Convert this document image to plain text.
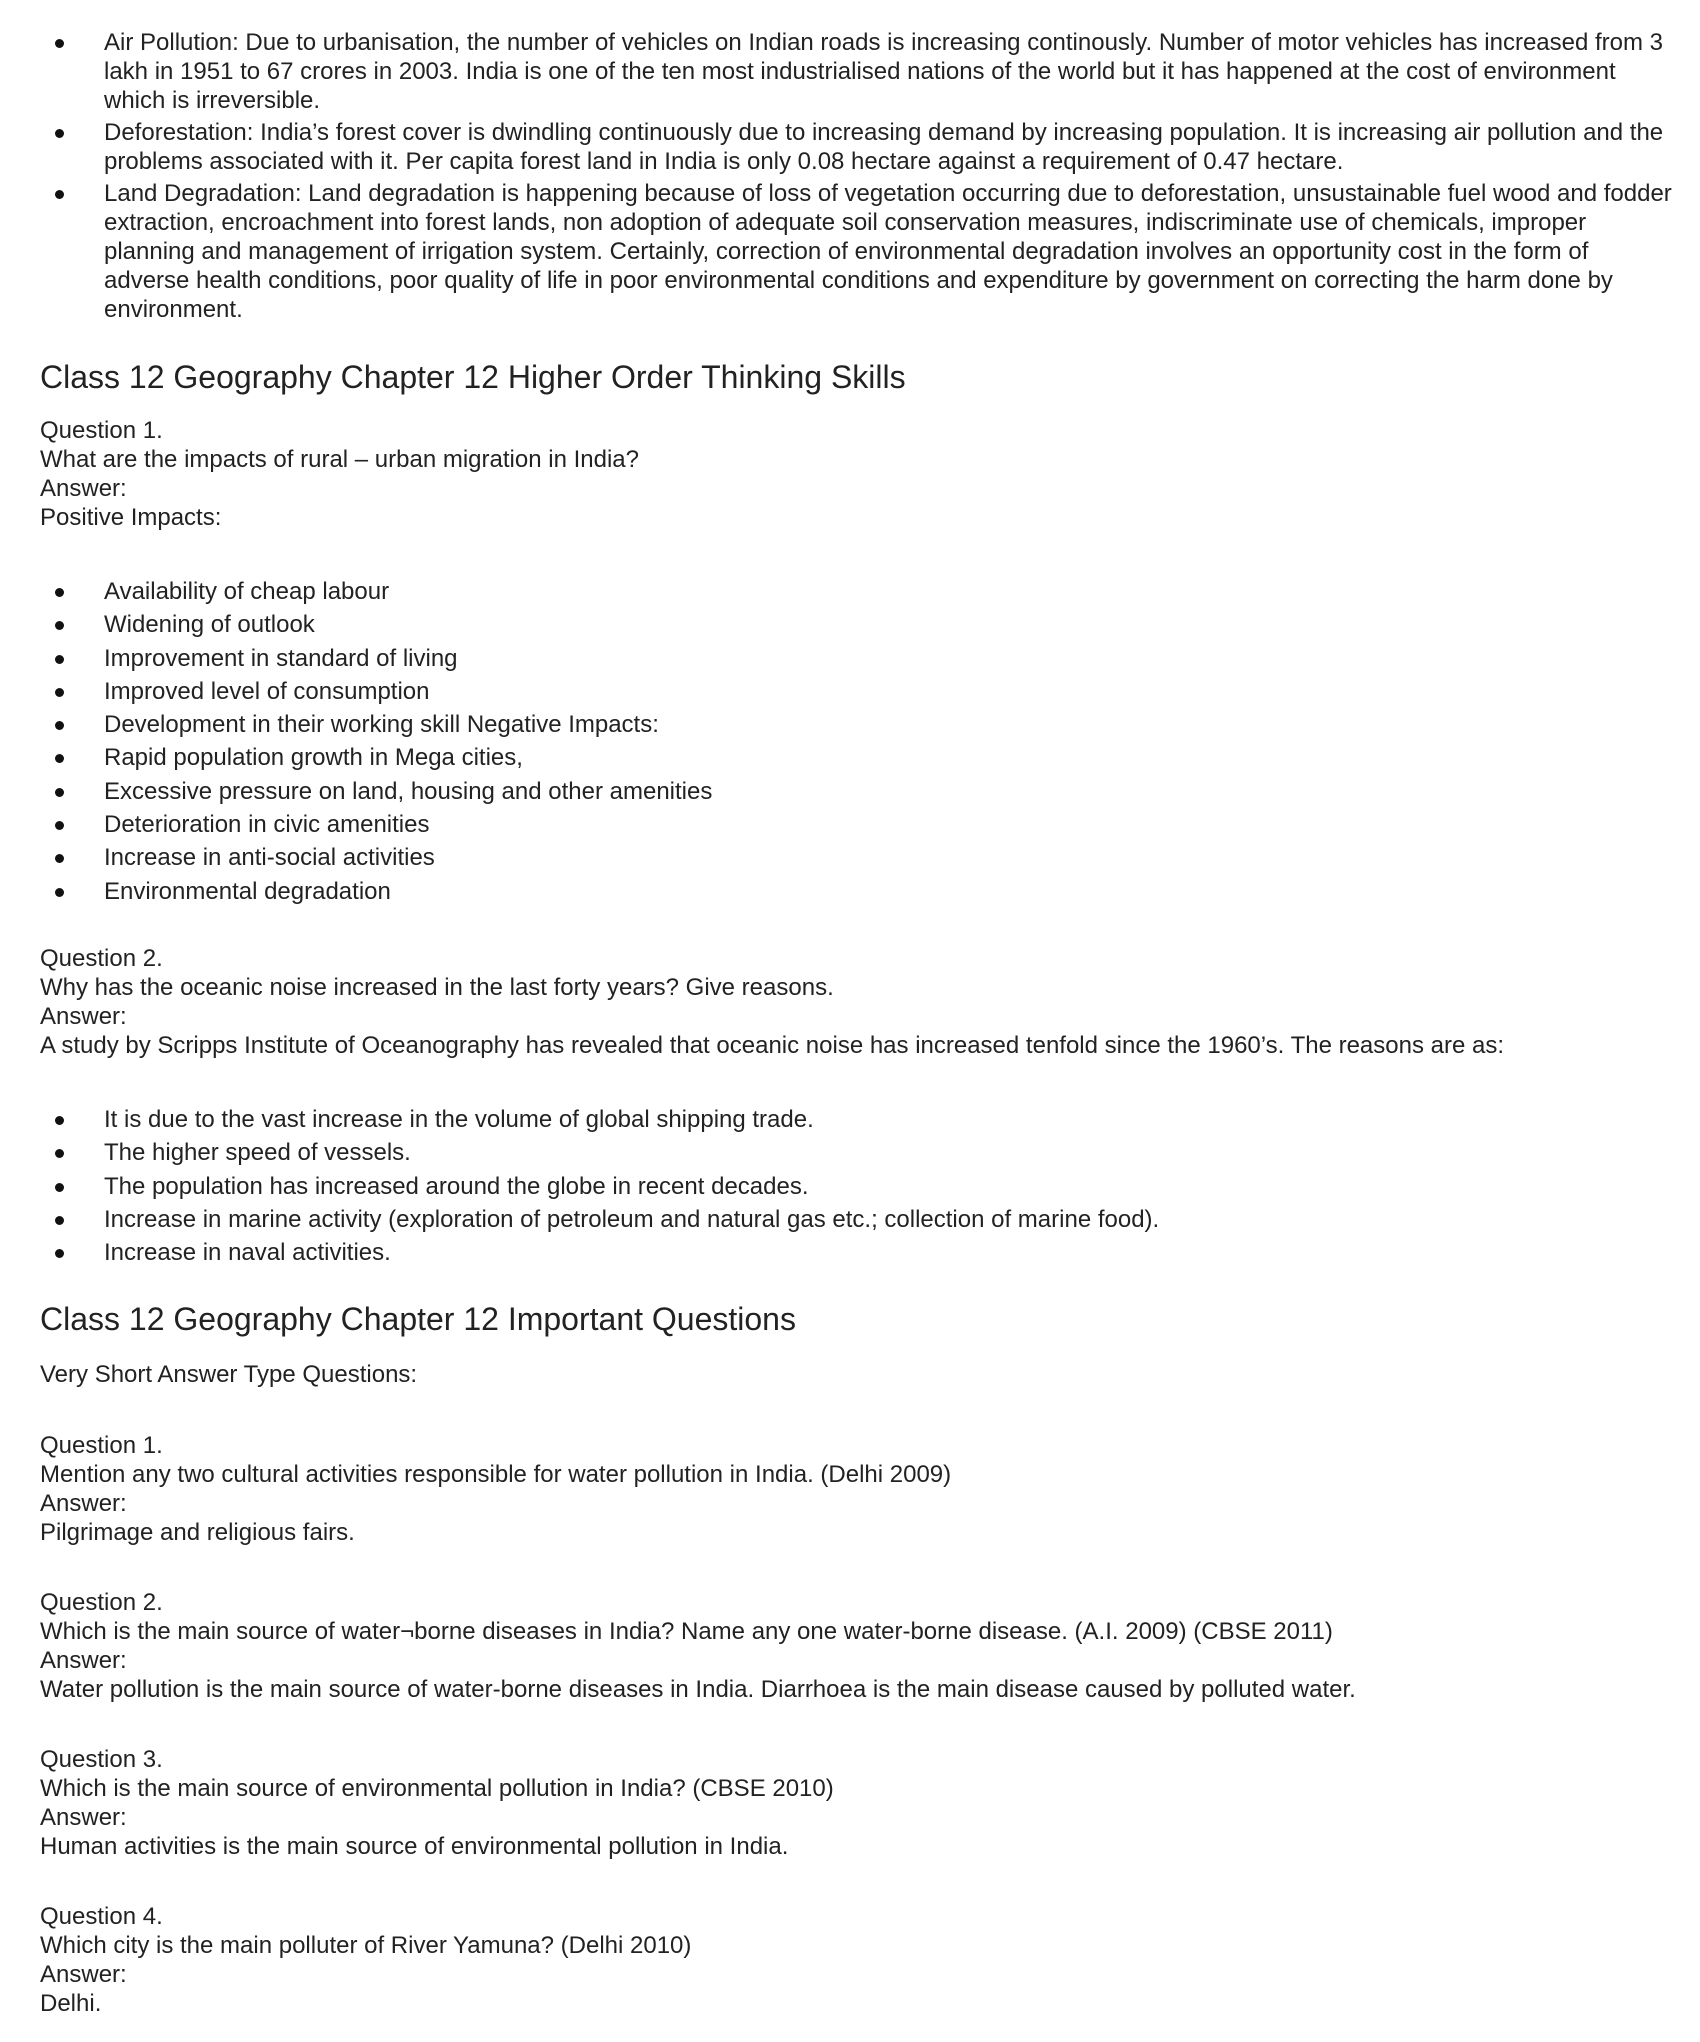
Air Pollution: Due to urbanisation, the number of vehicles on Indian roads is increasing continously. Number of motor vehicles has increased from 3 lakh in 1951 to 67 crores in 2003. India is one of the ten most industrialised nations of the world but it has happened at the cost of environment which is irreversible.
Deforestation: India’s forest cover is dwindling continuously due to increasing demand by increasing population. It is increasing air pollution and the problems associated with it. Per capita forest land in India is only 0.08 hectare against a requirement of 0.47 hectare.
Land Degradation: Land degradation is happening because of loss of vegetation occurring due to deforestation, unsustainable fuel wood and fodder extraction, encroachment into forest lands, non adoption of adequate soil conservation measures, indiscriminate use of chemicals, improper planning and management of irrigation system. Certainly, correction of environmental degradation involves an opportunity cost in the form of adverse health conditions, poor quality of life in poor environmental conditions and expenditure by government on correcting the harm done by environment.
Class 12 Geography Chapter 12 Higher Order Thinking Skills

Question 1.

What are the impacts of rural – urban migration in India?

Answer:

Positive Impacts:

Availability of cheap labour
Widening of outlook
Improvement in standard of living
Improved level of consumption
Development in their working skill Negative Impacts:
Rapid population growth in Mega cities,
Excessive pressure on land, housing and other amenities
Deterioration in civic amenities
Increase in anti-social activities
Environmental degradation

Question 2.

Why has the oceanic noise increased in the last forty years? Give reasons.

Answer:

A study by Scripps Institute of Oceanography has revealed that oceanic noise has increased tenfold since the 1960’s. The reasons are as:

It is due to the vast increase in the volume of global shipping trade.
The higher speed of vessels.
The population has increased around the globe in recent decades.
Increase in marine activity (exploration of petroleum and natural gas etc.; collection of marine food).
Increase in naval activities.
Class 12 Geography Chapter 12 Important Questions

Very Short Answer Type Questions:

Question 1.

Mention any two cultural activities responsible for water pollution in India. (Delhi 2009)

Answer:

Pilgrimage and religious fairs.

Question 2.

Which is the main source of water¬borne diseases in India? Name any one water-borne disease. (A.I. 2009) (CBSE 2011)

Answer:

Water pollution is the main source of water-borne diseases in India. Diarrhoea is the main disease caused by polluted water.

Question 3.

Which is the main source of environmental pollution in India? (CBSE 2010)

Answer:

Human activities is the main source of environmental pollution in India.

Question 4.

Which city is the main polluter of River Yamuna? (Delhi 2010)

Answer:

Delhi.
